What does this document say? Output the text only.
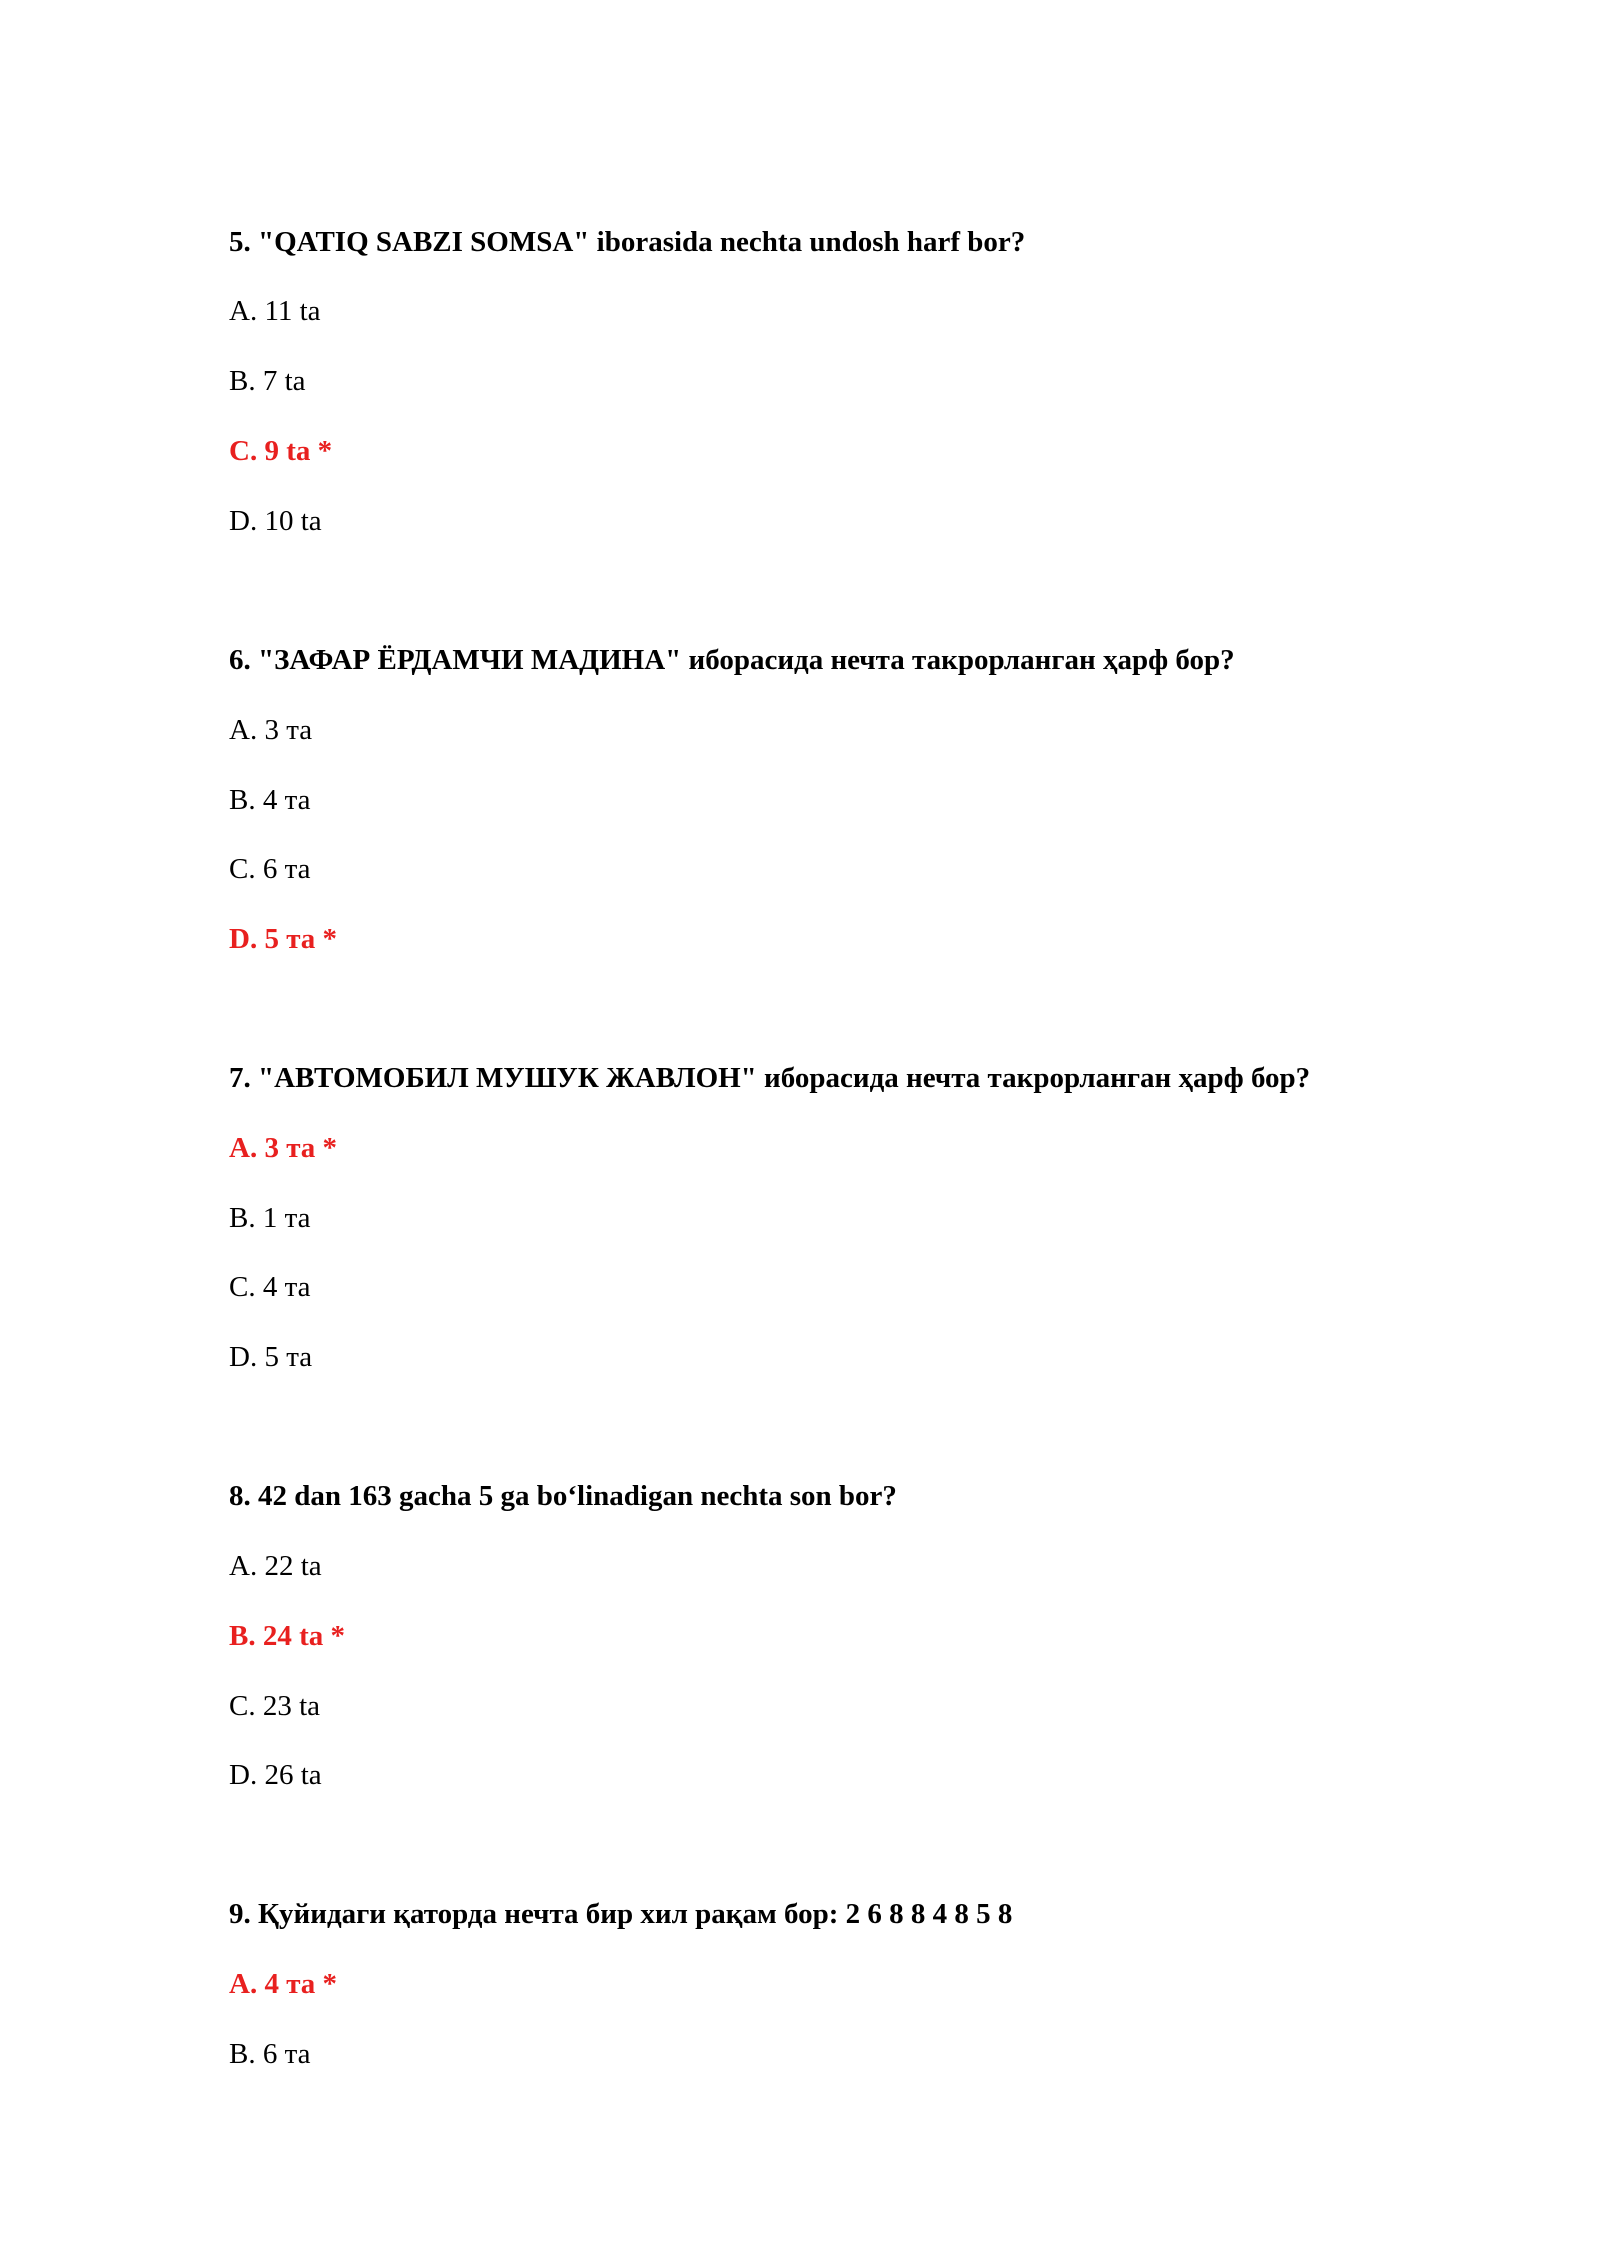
5. "QATIQ SABZI SOMSA" iborasida nechta undosh harf bor?
A. 11 ta
B. 7 ta
C. 9 ta *
D. 10 ta
6. "ЗАФАР ЁРДАМЧИ МАДИНА" иборасида нечта такрорланган ҳарф бор?
A. 3 та
B. 4 та
C. 6 та
D. 5 та *
7. "АВТОМОБИЛ МУШУК ЖАВЛОН" иборасида нечта такрорланган ҳарф бор?
A. 3 та *
B. 1 та
C. 4 та
D. 5 та
8. 42 dan 163 gacha 5 ga bo‘linadigan nechta son bor?
A. 22 ta
B. 24 ta *
C. 23 ta
D. 26 ta
9. Қуйидаги қаторда нечта бир хил рақам бор: 2 6 8 8 4 8 5 8
A. 4 та *
B. 6 та
